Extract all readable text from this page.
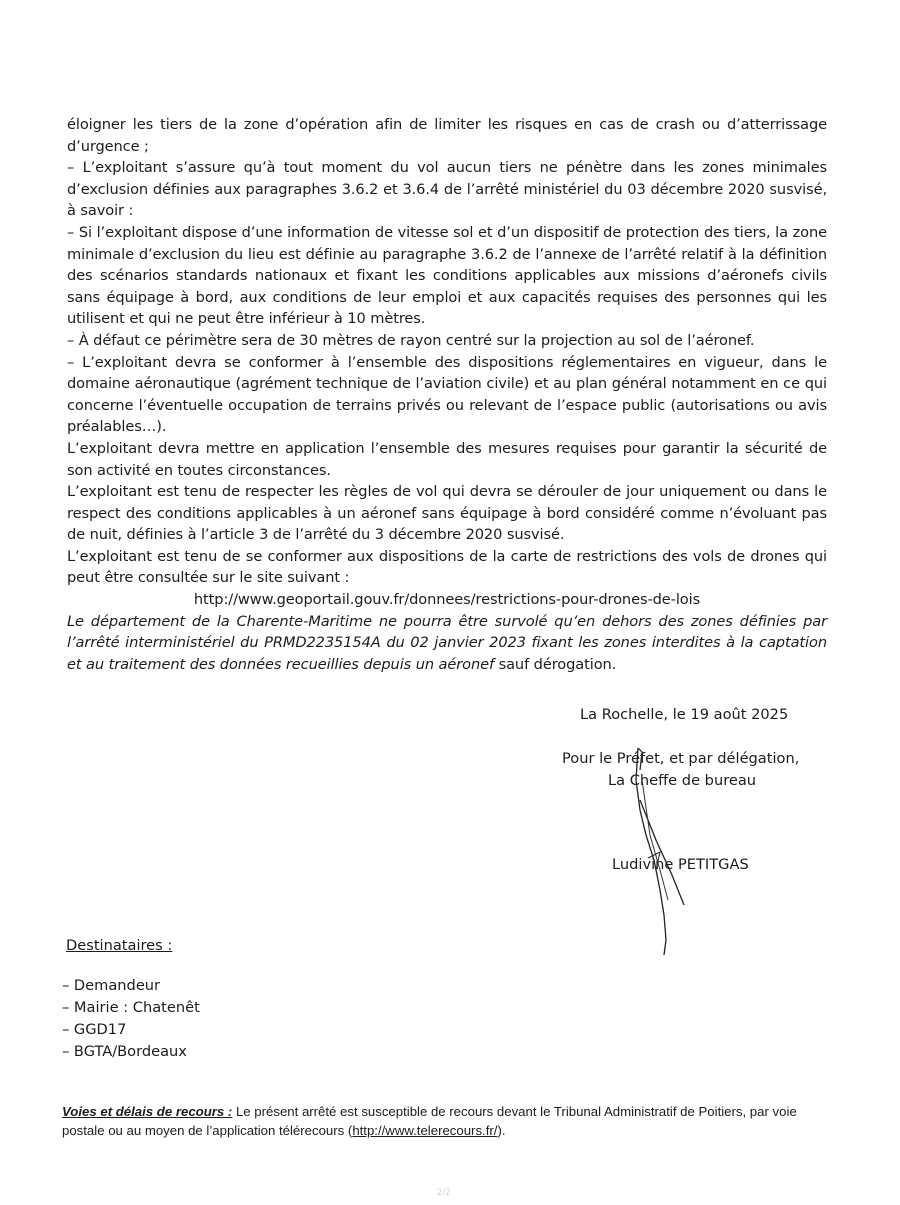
éloigner les tiers de la zone d’opération afin de limiter les risques en cas de crash ou d’atterrissage d’urgence ;

– L’exploitant s’assure qu’à tout moment du vol aucun tiers ne pénètre dans les zones minimales d’exclusion définies aux paragraphes 3.6.2 et 3.6.4 de l’arrêté ministériel du 03 décembre 2020 susvisé, à savoir :

– Si l’exploitant dispose d’une information de vitesse sol et d’un dispositif de protection des tiers, la zone minimale d’exclusion du lieu est définie au paragraphe 3.6.2 de l’annexe de l’arrêté relatif à la définition des scénarios standards nationaux et fixant les conditions applicables aux missions d’aéronefs civils sans équipage à bord, aux conditions de leur emploi et aux capacités requises des personnes qui les utilisent et qui ne peut être inférieur à 10 mètres.

– À défaut ce périmètre sera de 30 mètres de rayon centré sur la projection au sol de l’aéronef.

– L’exploitant devra se conformer à l’ensemble des dispositions réglementaires en vigueur, dans le domaine aéronautique (agrément technique de l’aviation civile) et au plan général notamment en ce qui concerne l’éventuelle occupation de terrains privés ou relevant de l’espace public (autorisations ou avis préalables…).

L’exploitant devra mettre en application l’ensemble des mesures requises pour garantir la sécurité de son activité en toutes circonstances.

L’exploitant est tenu de respecter les règles de vol qui devra se dérouler de jour uniquement ou dans le respect des conditions applicables à un aéronef sans équipage à bord considéré comme n’évoluant pas de nuit, définies à l’article 3 de l’arrêté du 3 décembre 2020 susvisé.

L’exploitant est tenu de se conformer aux dispositions de la carte de restrictions des vols de drones qui peut être consultée sur le site suivant :

http://www.geoportail.gouv.fr/donnees/restrictions-pour-drones-de-lois

Le département de la Charente-Maritime ne pourra être survolé qu’en dehors des zones définies par l’arrêté interministériel du PRMD2235154A du 02 janvier 2023 fixant les zones interdites à la captation et au traitement des données recueillies depuis un aéronef sauf dérogation.

La Rochelle, le 19 août 2025
Pour le Préfet, et par délégation,
La Cheffe de bureau
Ludivine PETITGAS
Destinataires :
– Demandeur
– Mairie : Chatenêt
– GGD17
– BGTA/Bordeaux
Voies et délais de recours : Le présent arrêté est susceptible de recours devant le Tribunal Administratif de Poitiers, par voie postale ou au moyen de l’application télérecours (http://www.telerecours.fr/).
2/2
